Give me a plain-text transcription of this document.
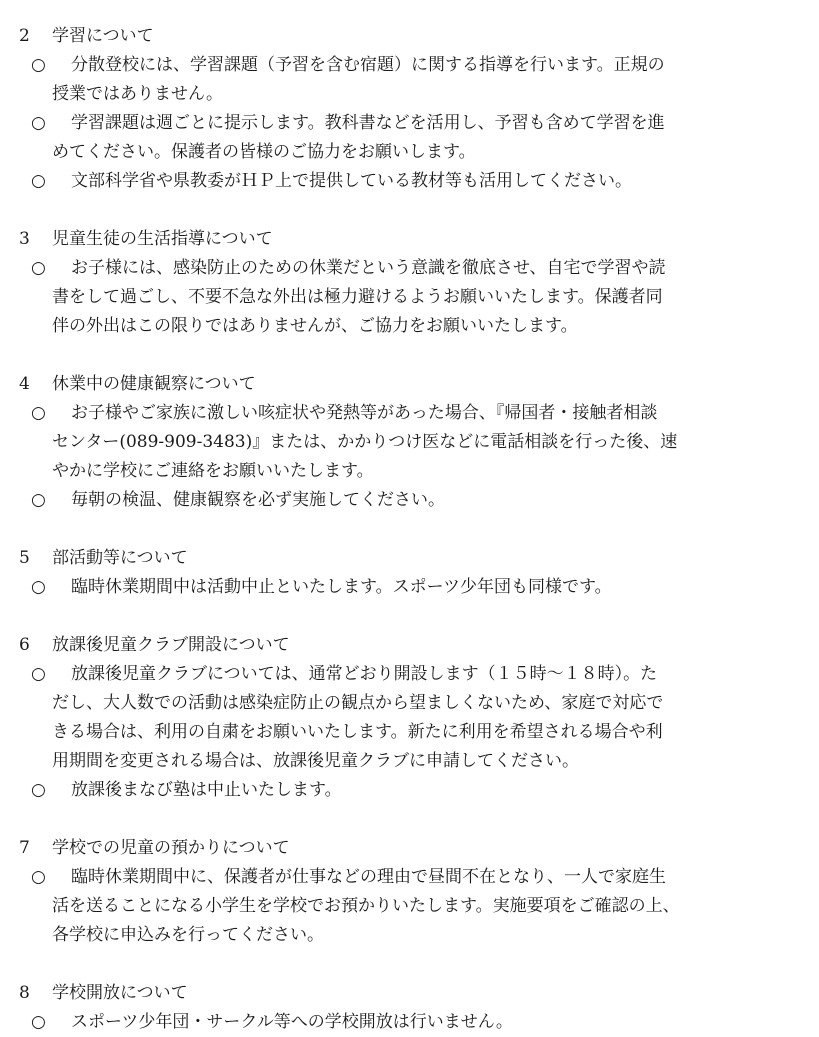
2 学習について
○	分散登校には、学習課題（予習を含む宿題）に関する指導を行います。正規の
授業ではありません。
○	学習課題は週ごとに提示します。教科書などを活用し、予習も含めて学習を進
めてください。保護者の皆様のご協力をお願いします。
○	文部科学省や県教委がＨＰ上で提供している教材等も活用してください。
3 児童生徒の生活指導について
○	お子様には、感染防止のための休業だという意識を徹底させ、自宅で学習や読
書をして過ごし、不要不急な外出は極力避けるようお願いいたします。保護者同
伴の外出はこの限りではありませんが、ご協力をお願いいたします。
4 休業中の健康観察について
○	お子様やご家族に激しい咳症状や発熱等があった場合、『帰国者・接触者相談
センター(089-909-3483)』または、かかりつけ医などに電話相談を行った後、速
やかに学校にご連絡をお願いいたします。
○	毎朝の検温、健康観察を必ず実施してください。
5 部活動等について
○	臨時休業期間中は活動中止といたします。スポーツ少年団も同様です。
6 放課後児童クラブ開設について
○	放課後児童クラブについては、通常どおり開設します（１５時～１８時）。た
だし、大人数での活動は感染症防止の観点から望ましくないため、家庭で対応で
きる場合は、利用の自粛をお願いいたします。新たに利用を希望される場合や利
用期間を変更される場合は、放課後児童クラブに申請してください。
○	放課後まなび塾は中止いたします。
7 学校での児童の預かりについて
○	臨時休業期間中に、保護者が仕事などの理由で昼間不在となり、一人で家庭生
活を送ることになる小学生を学校でお預かりいたします。実施要項をご確認の上、
各学校に申込みを行ってください。
8 学校開放について
○	スポーツ少年団・サークル等への学校開放は行いません。
